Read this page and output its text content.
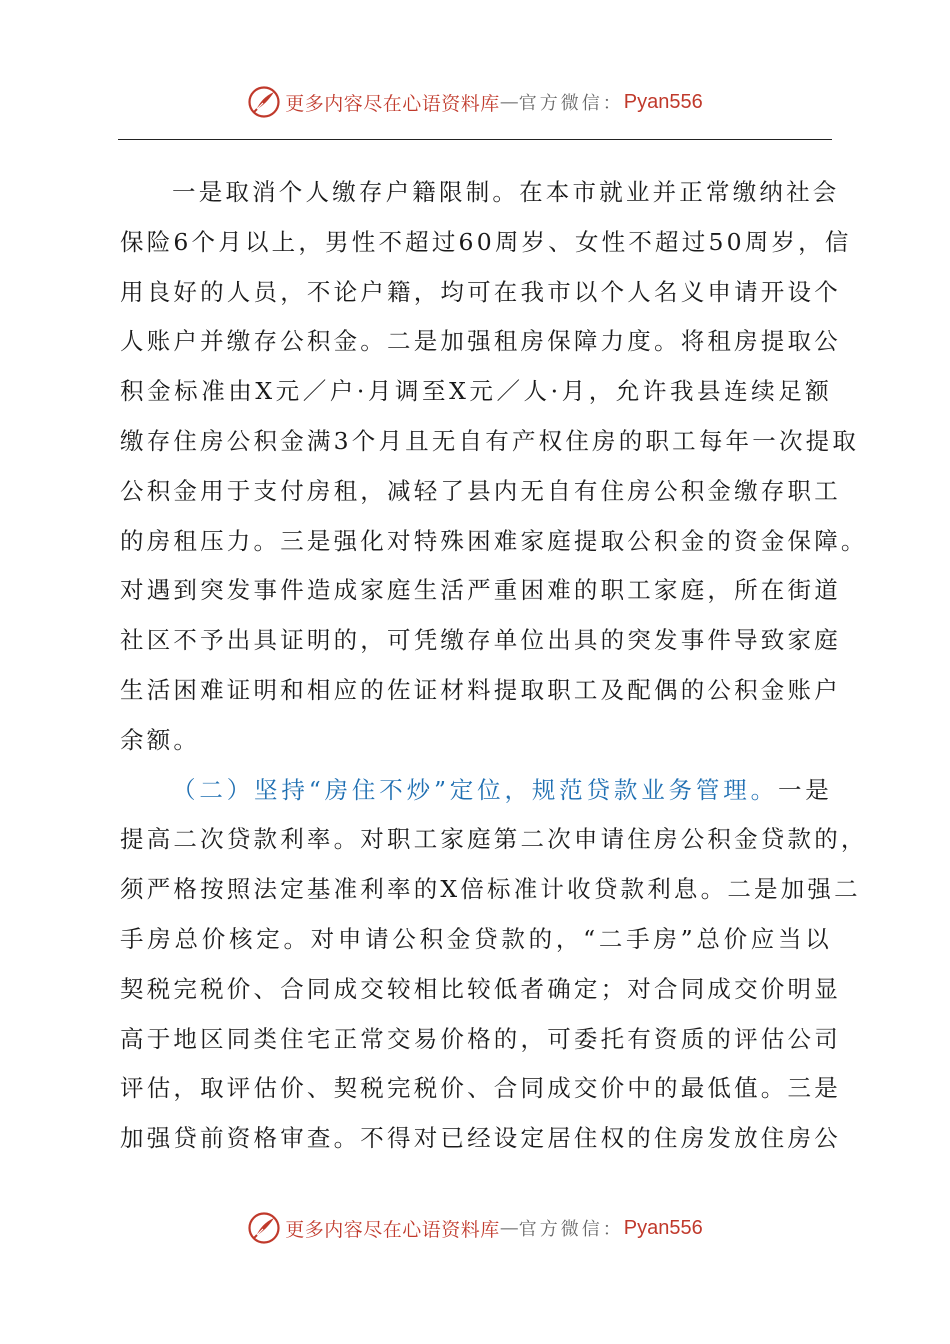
更多内容尽在心语资料库 — 官方微信： Pyan556

一是取消个人缴存户籍限制。在本市就业并正常缴纳社会
保险6个月以上，男性不超过60周岁、女性不超过50周岁，信
用良好的人员，不论户籍，均可在我市以个人名义申请开设个
人账户并缴存公积金。二是加强租房保障力度。将租房提取公
积金标准由X元／户·月调至X元／人·月，允许我县连续足额
缴存住房公积金满3个月且无自有产权住房的职工每年一次提取
公积金用于支付房租，减轻了县内无自有住房公积金缴存职工
的房租压力。三是强化对特殊困难家庭提取公积金的资金保障。
对遇到突发事件造成家庭生活严重困难的职工家庭，所在街道
社区不予出具证明的，可凭缴存单位出具的突发事件导致家庭
生活困难证明和相应的佐证材料提取职工及配偶的公积金账户
余额。

（二）坚持“房住不炒”定位，规范贷款业务管理。一是
提高二次贷款利率。对职工家庭第二次申请住房公积金贷款的，
须严格按照法定基准利率的X倍标准计收贷款利息。二是加强二
手房总价核定。对申请公积金贷款的，“二手房”总价应当以
契税完税价、合同成交较相比较低者确定；对合同成交价明显
高于地区同类住宅正常交易价格的，可委托有资质的评估公司
评估，取评估价、契税完税价、合同成交价中的最低值。三是
加强贷前资格审查。不得对已经设定居住权的住房发放住房公

更多内容尽在心语资料库 — 官方微信： Pyan556
